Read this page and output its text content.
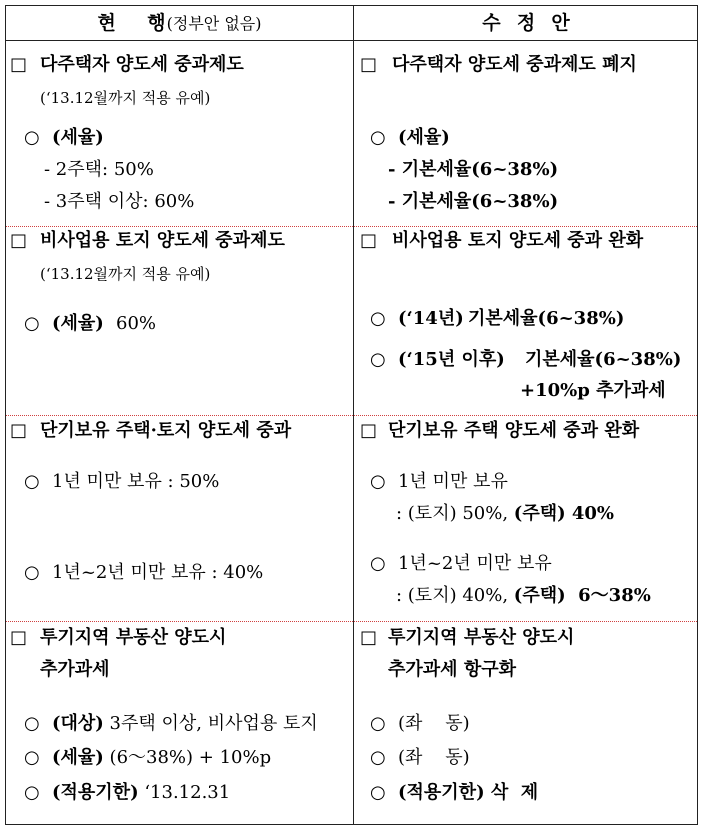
현    행(정부안 없음)	수  정  안
□ 다주택자 양도세 중과제도
(‘13.12월까지 적용 유예)
○ (세율)
- 2주택: 50%
- 3주택 이상: 60%
□ 다주택자 양도세 중과제도 폐지
○ (세율)
- 기본세율(6~38%)
- 기본세율(6~38%)
□ 비사업용 토지 양도세 중과제도
(‘13.12월까지 적용 유예)
○ (세율) 60%
□ 비사업용 토지 양도세 중과 완화
○ (‘14년) 기본세율(6~38%)
○ (‘15년 이후) 기본세율(6~38%)
+10%p 추가과세
□ 단기보유 주택·토지 양도세 중과
○ 1년 미만 보유 : 50%
○ 1년~2년 미만 보유 : 40%
□ 단기보유 주택 양도세 중과 완화
○ 1년 미만 보유
: (토지) 50%, (주택) 40%
○ 1년~2년 미만 보유
: (토지) 40%, (주택)  6～38%
□ 투기지역 부동산 양도시
추가과세
○ (대상) 3주택 이상, 비사업용 토지
○ (세율) (6～38%) + 10%p
○ (적용기한) ‘13.12.31
□ 투기지역 부동산 양도시
추가과세 항구화
○ (좌    동)
○ (좌    동)
○ (적용기한) 삭  제
